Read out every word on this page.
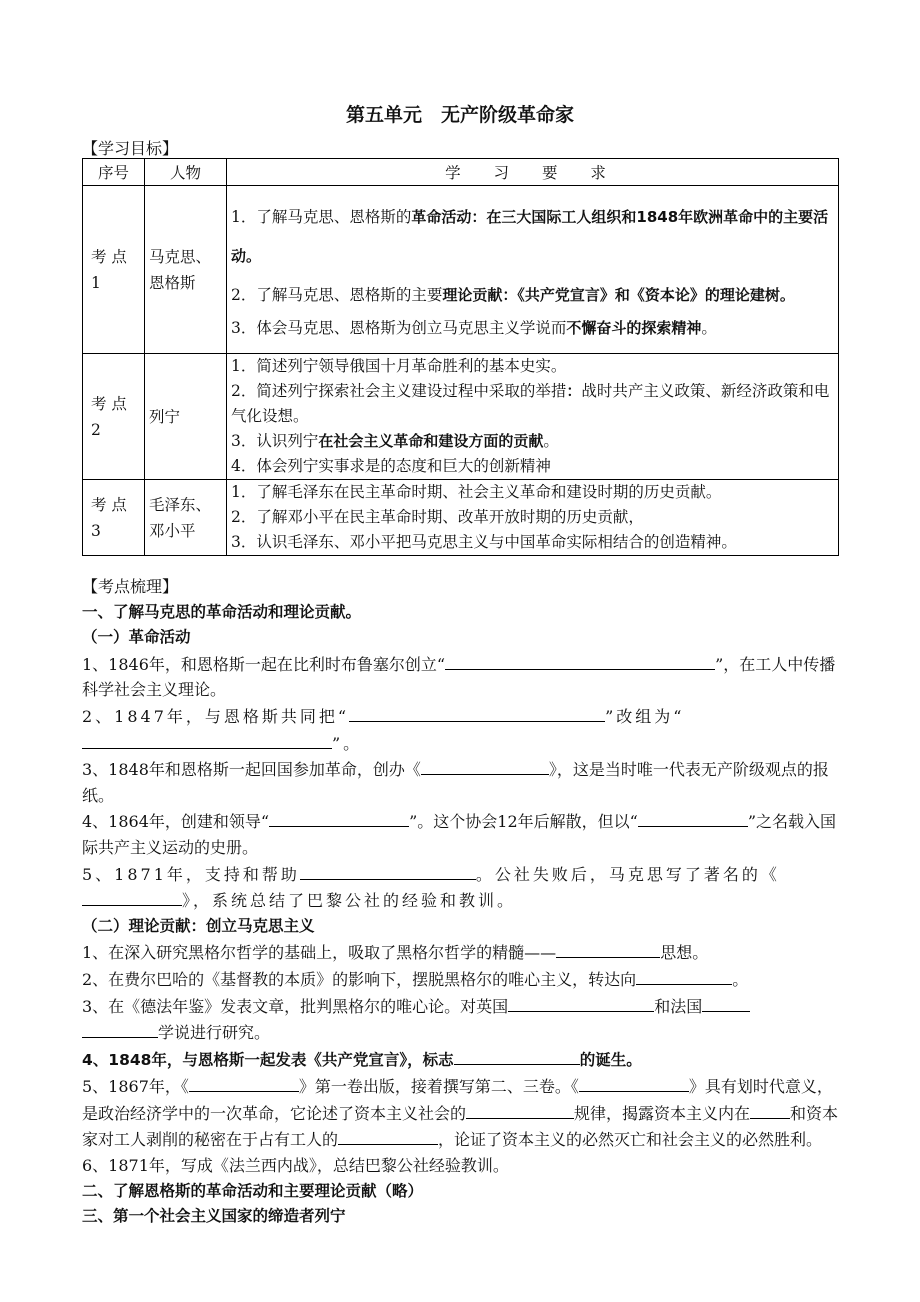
第五单元　无产阶级革命家
【学习目标】
序号	人物	学 习 要 求
考 点 1	马克思、恩格斯	1．了解马克思、恩格斯的革命活动：在三大国际工人组织和1848年欧洲革命中的主要活动。

2．了解马克思、恩格斯的主要理论贡献：《共产党宣言》和《资本论》的理论建树。

3．体会马克思、恩格斯为创立马克思主义学说而不懈奋斗的探索精神。

考 点 2	列宁	1．简述列宁领导俄国十月革命胜利的基本史实。

2．简述列宁探索社会主义建设过程中采取的举措：战时共产主义政策、新经济政策和电气化设想。

3．认识列宁在社会主义革命和建设方面的贡献。

4．体会列宁实事求是的态度和巨大的创新精神

考 点 3	毛泽东、邓小平	1．了解毛泽东在民主革命时期、社会主义革命和建设时期的历史贡献。

2．了解邓小平在民主革命时期、改革开放时期的历史贡献，

3．认识毛泽东、邓小平把马克思主义与中国革命实际相结合的创造精神。

【考点梳理】

一、了解马克思的革命活动和理论贡献。

（一）革命活动

1、1846年，和恩格斯一起在比利时布鲁塞尔创立“	”，在工人中传播科学社会主义理论。

2、1847年，与恩格斯共同把“	”改组为“”。

3、1848年和恩格斯一起回国参加革命，创办《	》，这是当时唯一代表无产阶级观点的报纸。

4、1864年，创建和领导“	”。这个协会12年后解散，但以“	”之名载入国际共产主义运动的史册。

5、1871年，支持和帮助	。公社失败后，马克思写了著名的《》，系统总结了巴黎公社的经验和教训。

（二）理论贡献：创立马克思主义

1、在深入研究黑格尔哲学的基础上，吸取了黑格尔哲学的精髓——	思想。

2、在费尔巴哈的《基督教的本质》的影响下，摆脱黑格尔的唯心主义，转达向	。

3、在《德法年鉴》发表文章，批判黑格尔的唯心论。对英国	和法国
学说进行研究。

4、1848年，与恩格斯一起发表《共产党宣言》，标志	的诞生。

5、1867年，《	》第一卷出版，接着撰写第二、三卷。《	》具有划时代意义，是政治经济学中的一次革命，它论述了资本主义社会的	规律，揭露资本主义内在	和资本家对工人剥削的秘密在于占有工人的	，论证了资本主义的必然灭亡和社会主义的必然胜利。

6、1871年，写成《法兰西内战》，总结巴黎公社经验教训。

二、了解恩格斯的革命活动和主要理论贡献（略）

三、第一个社会主义国家的缔造者列宁
